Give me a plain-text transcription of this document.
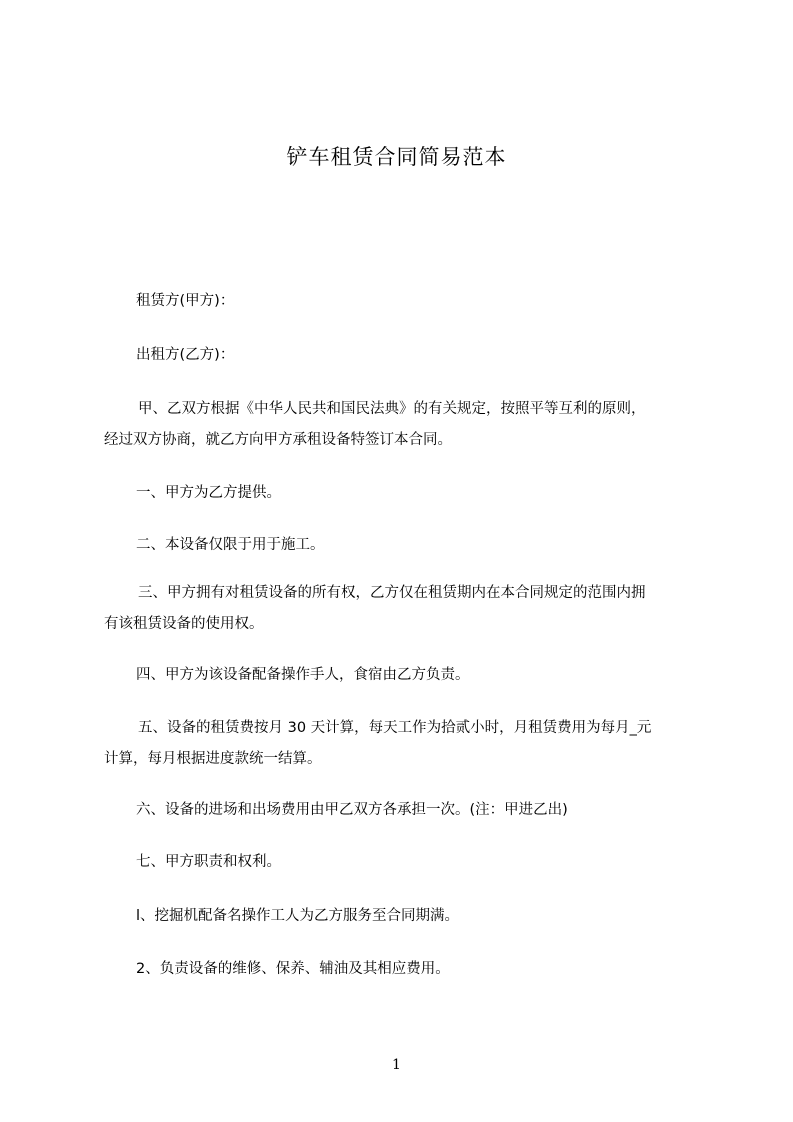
铲车租赁合同简易范本

租赁方(甲方)：

出租方(乙方)：

甲、乙双方根据《中华人民共和国民法典》的有关规定，按照平等互利的原则，
经过双方协商，就乙方向甲方承租设备特签订本合同。

一、甲方为乙方提供。

二、本设备仅限于用于施工。

三、甲方拥有对租赁设备的所有权，乙方仅在租赁期内在本合同规定的范围内拥
有该租赁设备的使用权。

四、甲方为该设备配备操作手人，食宿由乙方负责。

五、设备的租赁费按月 30 天计算，每天工作为拾贰小时，月租赁费用为每月_元
计算，每月根据进度款统一结算。

六、设备的进场和出场费用由甲乙双方各承担一次。(注：甲进乙出)

七、甲方职责和权利。

l、挖掘机配备名操作工人为乙方服务至合同期满。

2、负责设备的维修、保养、辅油及其相应费用。

1
